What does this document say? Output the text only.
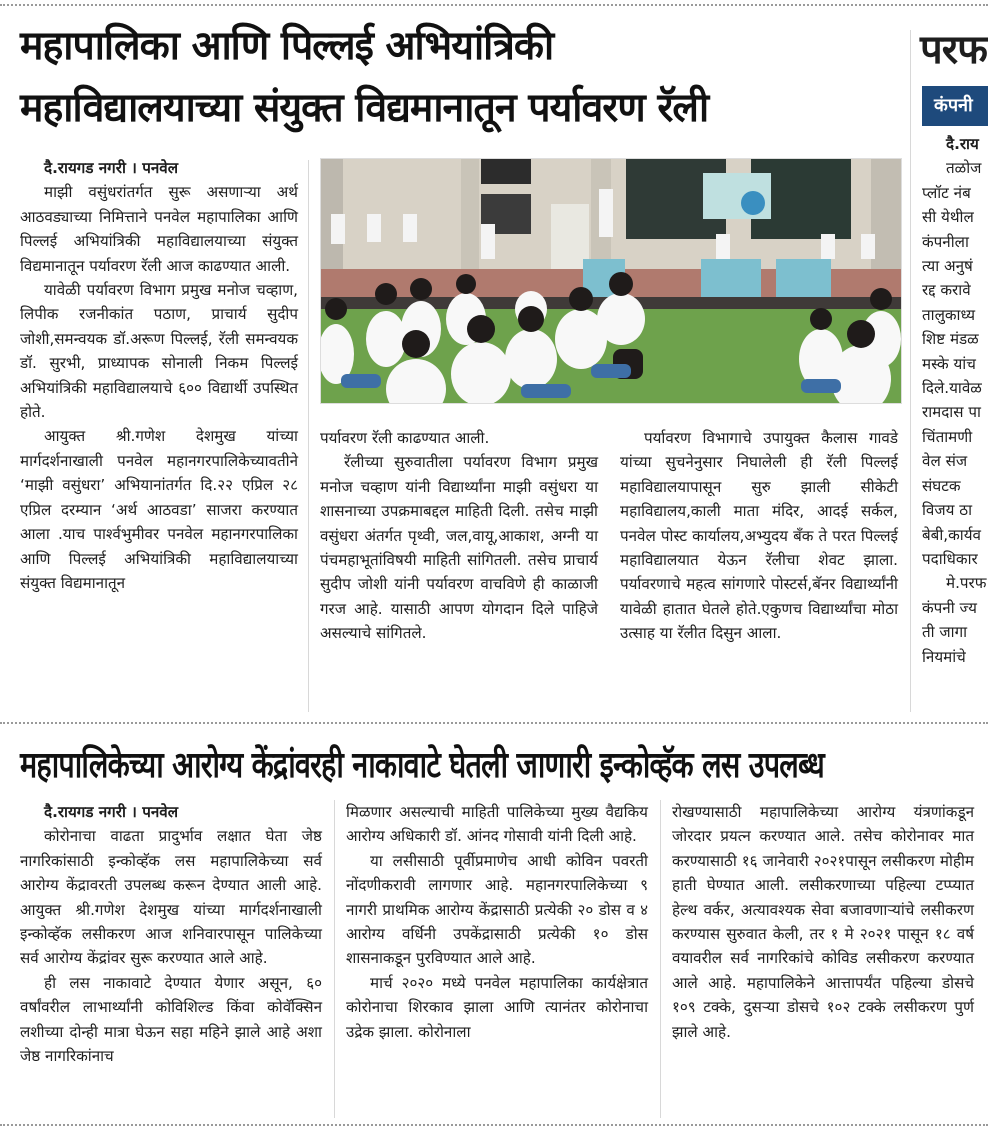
महापालिका आणि पिल्लई अभियांत्रिकी
महाविद्यालयाच्या संयुक्त विद्यमानातून पर्यावरण रॅली
दै.रायगड नगरी । पनवेल

माझी वसुंधरांतर्गत सुरू असणाऱ्या अर्थ आठवड्याच्या निमित्ताने पनवेल महापालिका आणि पिल्लई अभियांत्रिकी महाविद्यालयाच्या संयुक्त विद्यमानातून पर्यावरण रॅली आज काढण्यात आली.

यावेळी पर्यावरण विभाग प्रमुख मनोज चव्हाण, लिपीक रजनीकांत पठाण, प्राचार्य सुदीप जोशी,समन्वयक डॉ.अरूण पिल्लई, रॅली समन्वयक डॉ. सुरभी, प्राध्यापक सोनाली निकम पिल्लई अभियांत्रिकी महाविद्यालयाचे ६०० विद्यार्थी उपस्थित होते.

आयुक्त श्री.गणेश देशमुख यांच्या मार्गदर्शनाखाली पनवेल महानगरपालिकेच्यावतीने ‘माझी वसुंधरा’ अभियानांतर्गत दि.२२ एप्रिल २८ एप्रिल दरम्यान ‘अर्थ आठवडा’ साजरा करण्यात आला .याच पार्श्वभुमीवर पनवेल महानगरपालिका आणि पिल्लई अभियांत्रिकी महाविद्यालयाच्या संयुक्त विद्यमानातून

पर्यावरण रॅली काढण्यात आली.

रॅलीच्या सुरुवातीला पर्यावरण विभाग प्रमुख मनोज चव्हाण यांनी विद्यार्थ्यांना माझी वसुंधरा या शासनाच्या उपक्रमाबद्दल माहिती दिली. तसेच माझी वसुंधरा अंतर्गत पृथ्वी, जल,वायू,आकाश, अग्नी या पंचमहाभूतांविषयी माहिती सांगितली. तसेच प्राचार्य सुदीप जोशी यांनी पर्यावरण वाचविणे ही काळाजी गरज आहे. यासाठी आपण योगदान दिले पाहिजे असल्याचे सांगितले.

पर्यावरण विभागाचे उपायुक्त कैलास गावडे यांच्या सुचनेनुसार निघालेली ही रॅली पिल्लई महाविद्यालयापासून सुरु झाली सीकेटी महाविद्यालय,काली माता मंदिर, आदई सर्कल, पनवेल पोस्ट कार्यालय,अभ्युदय बँक ते परत पिल्लई महाविद्यालयात येऊन रॅलीचा शेवट झाला. पर्यावरणाचे महत्व सांगणारे पोस्टर्स,बॅनर विद्यार्थ्यांनी यावेळी हातात घेतले होते.एकुणच विद्यार्थ्यांचा मोठा उत्साह या रॅलीत दिसुन आला.

परफ
कंपनी
दै.राय
तळोज
प्लॉट नंब
सी येथील
कंपनीला
त्या अनुषं
रद्द करावे
तालुकाध्य
शिष्ट मंडळ
मस्के यांच
दिले.यावेळ
रामदास पा
चिंतामणी
वेल संज
संघटक
विजय ठा
बेबी,कार्यव
पदाधिकार
मे.परफ
कंपनी ज्य
ती जागा
नियमांचे
महापालिकेच्या आरोग्य केंद्रांवरही नाकावाटे घेतली जाणारी इन्कोव्हॅक लस उपलब्ध
दै.रायगड नगरी । पनवेल

कोरोनाचा वाढता प्रादुर्भाव लक्षात घेता जेष्ठ नागरिकांसाठी इन्कोव्हॅक लस महापालिकेच्या सर्व आरोग्य केंद्रावरती उपलब्ध करून देण्यात आली आहे. आयुक्त श्री.गणेश देशमुख यांच्या मार्गदर्शनाखाली इन्कोव्हॅक लसीकरण आज शनिवारपासून पालिकेच्या सर्व आरोग्य केंद्रांवर सुरू करण्यात आले आहे.

ही लस नाकावाटे देण्यात येणार असून, ६० वर्षांवरील लाभार्थ्यांनी कोविशिल्ड किंवा कोवॅक्सिन लशीच्या दोन्ही मात्रा घेऊन सहा महिने झाले आहे अशा जेष्ठ नागरिकांनाच

मिळणार असल्याची माहिती पालिकेच्या मुख्य वैद्यकिय आरोग्य अधिकारी डॉ. आंनद गोसावी यांनी दिली आहे.

या लसीसाठी पूर्वीप्रमाणेच आधी कोविन पवरती नोंदणीकरावी लागणार आहे. महानगरपालिकेच्या ९ नागरी प्राथमिक आरोग्य केंद्रासाठी प्रत्येकी २० डोस व ४ आरोग्य वर्धिनी उपकेंद्रासाठी प्रत्येकी १० डोस शासनाकडून पुरविण्यात आले आहे.

मार्च २०२० मध्ये पनवेल महापालिका कार्यक्षेत्रात कोरोनाचा शिरकाव झाला आणि त्यानंतर कोरोनाचा उद्रेक झाला. कोरोनाला

रोखण्यासाठी महापालिकेच्या आरोग्य यंत्रणांकडून जोरदार प्रयत्न करण्यात आले. तसेच कोरोनावर मात करण्यासाठी १६ जानेवारी २०२१पासून लसीकरण मोहीम हाती घेण्यात आली. लसीकरणाच्या पहिल्या टप्प्यात हेल्थ वर्कर, अत्यावश्यक सेवा बजावणाऱ्यांचे लसीकरण करण्यास सुरुवात केली, तर १ मे २०२१ पासून १८ वर्ष वयावरील सर्व नागरिकांचे कोविड लसीकरण करण्यात आले आहे. महापालिकेने आत्तापर्यंत पहिल्या डोसचे १०९ टक्के, दुसऱ्या डोसचे १०२ टक्के लसीकरण पुर्ण झाले आहे.
